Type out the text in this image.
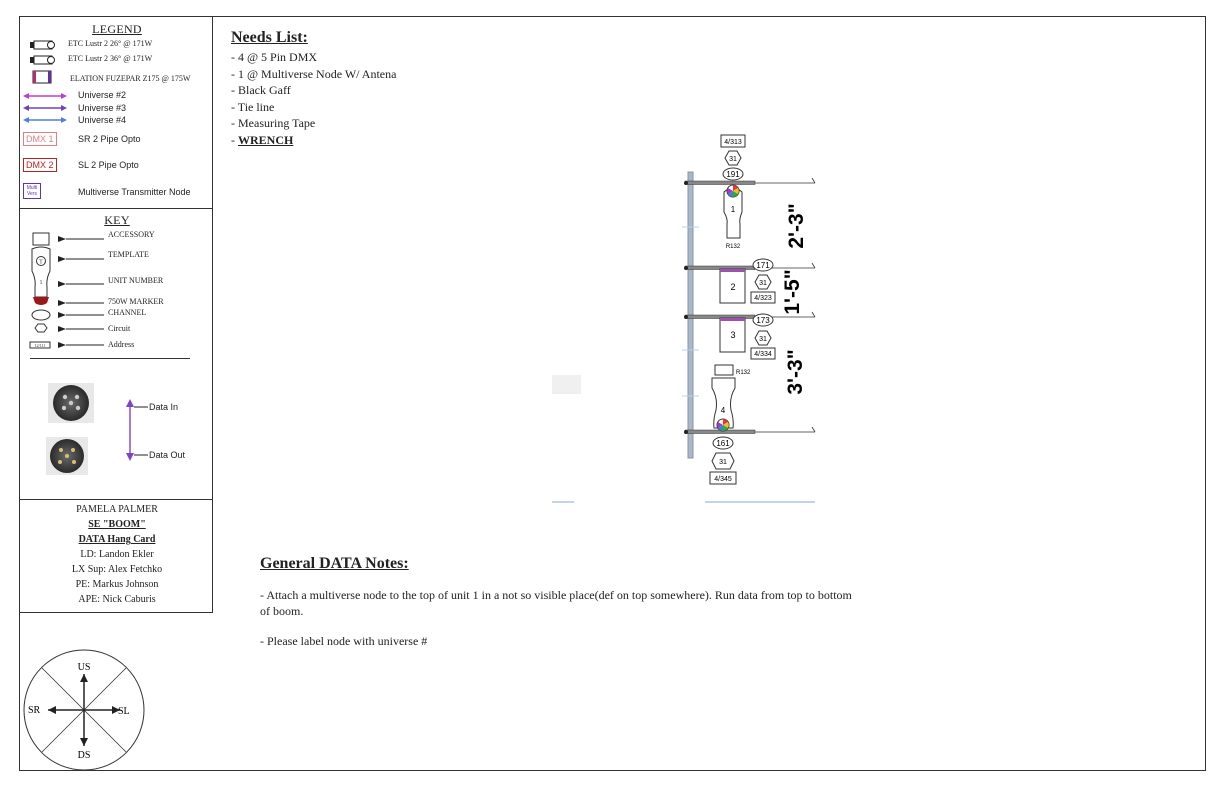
LEGEND
ETC Lustr 2 26° @ 171W
ETC Lustr 2 36° @ 171W
ELATION FUZEPAR Z175 @ 175W
Universe #2
Universe #3
Universe #4
DMX 1	SR 2 Pipe Opto
DMX 2	SL 2 Pipe Opto
Multi Vers	Multiverse Transmitter Node
KEY
T
1
12/111
ACCESSORY
TEMPLATE
UNIT NUMBER
750W MARKER
CHANNEL
Circuit
Address
Data In
Data Out
PAMELA PALMER
SE "BOOM"
DATA Hang Card
LD: Landon Ekler
LX Sup: Alex Fetchko
PE: Markus Johnson
APE: Nick Caburis
US
DS
SR	SL
Needs List:
- 4 @ 5 Pin DMX
- 1 @ Multiverse Node W/ Antena
- Black Gaff
- Tie line
- Measuring Tape
- WRENCH	4/313
31
191
1
R132
2
171
31
4/323
3
173
31
4/334
R132
4
161
31
4/345
2'-3"
1'-5"
3'-3"
General DATA Notes:

- Attach a multiverse node to the top of unit 1 in a not so visible place(def on top somewhere). Run data from top to bottom of boom.

- Please label node with universe #
